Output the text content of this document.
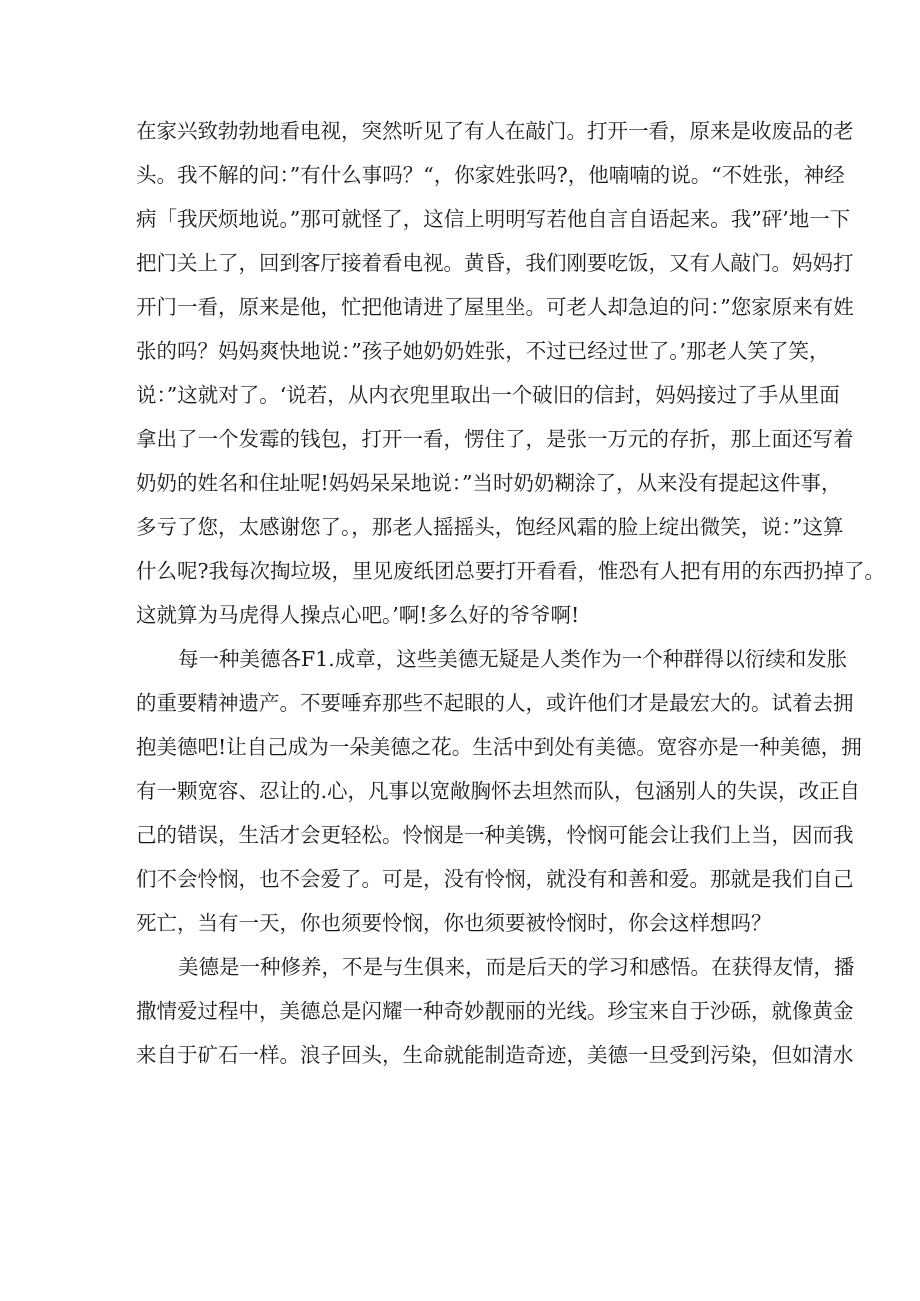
在家兴致勃勃地看电视，突然听见了有人在敲门。打开一看，原来是收废品的老
头。我不解的问：”有什么事吗？“，你家姓张吗?，他喃喃的说。“不姓张，神经
病「我厌烦地说。”那可就怪了，这信上明明写若他自言自语起来。我”砰’地一下
把门关上了，回到客厅接着看电视。黄昏，我们刚要吃饭，又有人敲门。妈妈打
开门一看，原来是他，忙把他请进了屋里坐。可老人却急迫的问：”您家原来有姓
张的吗？妈妈爽快地说：”孩子她奶奶姓张，不过已经过世了。’那老人笑了笑，
说：”这就对了。‘说若，从内衣兜里取出一个破旧的信封，妈妈接过了手从里面
拿出了一个发霉的钱包，打开一看，愣住了，是张一万元的存折，那上面还写着
奶奶的姓名和住址呢!妈妈呆呆地说：”当时奶奶糊涂了，从来没有提起这件事，
多亏了您，太感谢您了。，那老人摇摇头，饱经风霜的脸上绽出微笑，说：”这算
什么呢?我每次掏垃圾，里见废纸团总要打开看看，惟恐有人把有用的东西扔掉了。
这就算为马虎得人操点心吧。’啊!多么好的爷爷啊!
每一种美德各F1.成章，这些美德无疑是人类作为一个种群得以衍续和发胀
的重要精神遗产。不要唾弃那些不起眼的人，或许他们才是最宏大的。试着去拥
抱美德吧!让自己成为一朵美德之花。生活中到处有美德。宽容亦是一种美德，拥
有一颗宽容、忍让的.心，凡事以宽敞胸怀去坦然而队，包涵别人的失误，改正自
己的错误，生活才会更轻松。怜悯是一种美镌，怜悯可能会让我们上当，因而我
们不会怜悯，也不会爱了。可是，没有怜悯，就没有和善和爱。那就是我们自己
死亡，当有一天，你也须要怜悯，你也须要被怜悯时，你会这样想吗？
美德是一种修养，不是与生俱来，而是后天的学习和感悟。在获得友情，播
撒情爱过程中，美德总是闪耀一种奇妙靓丽的光线。珍宝来自于沙砾，就像黄金
来自于矿石一样。浪子回头，生命就能制造奇迹，美德一旦受到污染，但如清水
